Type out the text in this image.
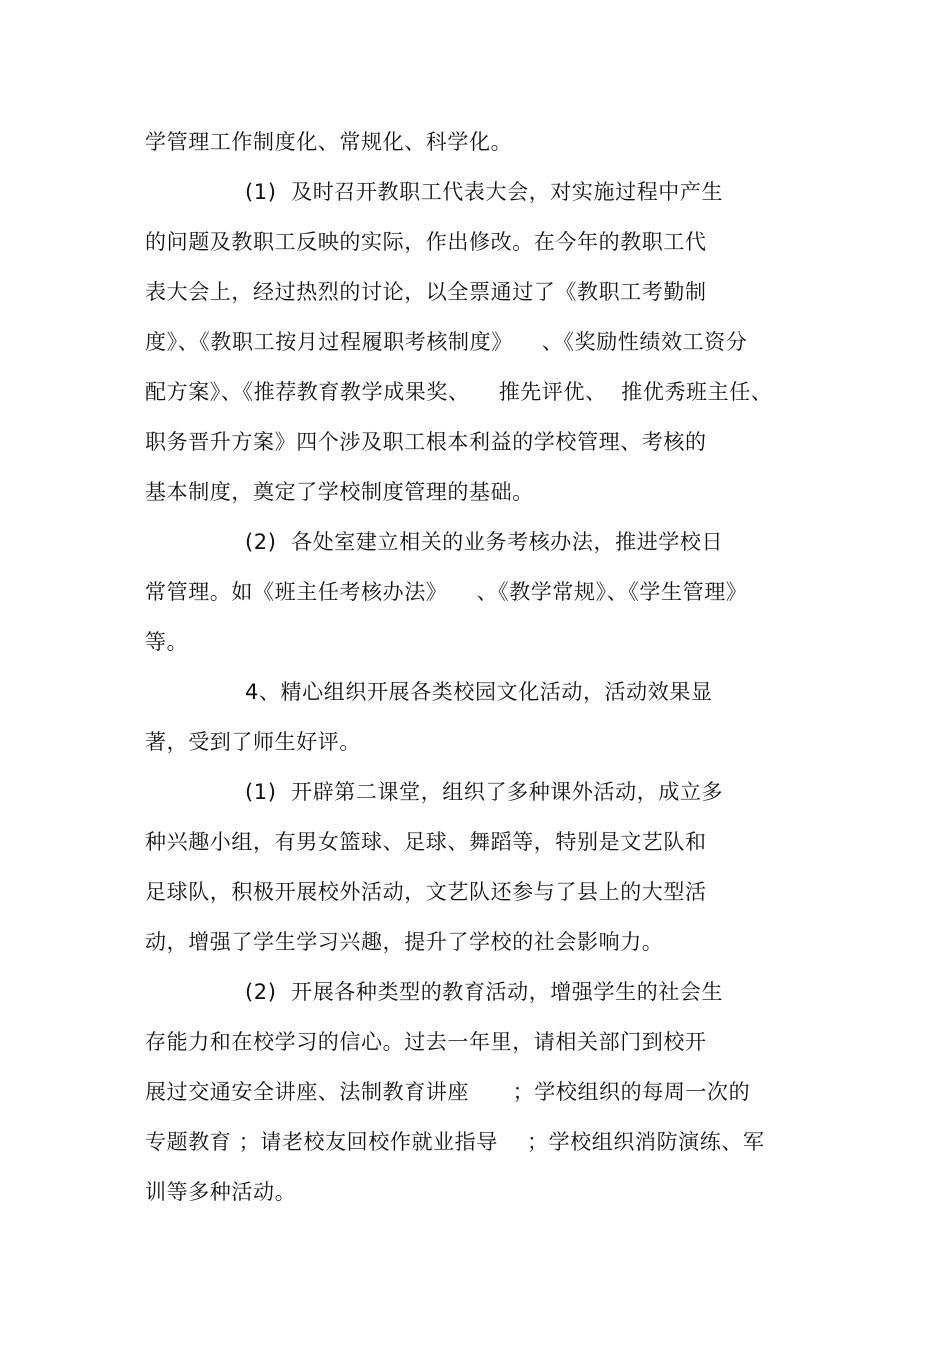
学管理工作制度化、常规化、科学化。
(1)  及时召开教职工代表大会，对实施过程中产生
的问题及教职工反映的实际，作出修改。在今年的教职工代
表大会上，经过热烈的讨论，以全票通过了《教职工考勤制
度》、《教职工按月过程履职考核制度》    、《奖励性绩效工资分
配方案》、《推荐教育教学成果奖、    推先评优、  推优秀班主任、
职务晋升方案》四个涉及职工根本利益的学校管理、考核的
基本制度，奠定了学校制度管理的基础。
(2)  各处室建立相关的业务考核办法，推进学校日
常管理。如《班主任考核办法》    、《教学常规》、《学生管理》
等。
4、精心组织开展各类校园文化活动，活动效果显
著，受到了师生好评。
(1)  开辟第二课堂，组织了多种课外活动，成立多
种兴趣小组，有男女篮球、足球、舞蹈等，特别是文艺队和
足球队，积极开展校外活动，文艺队还参与了县上的大型活
动，增强了学生学习兴趣，提升了学校的社会影响力。
(2)  开展各种类型的教育活动，增强学生的社会生
存能力和在校学习的信心。过去一年里，请相关部门到校开
展过交通安全讲座、法制教育讲座      ；学校组织的每周一次的
专题教育 ；请老校友回校作就业指导    ；学校组织消防演练、军
训等多种活动。
